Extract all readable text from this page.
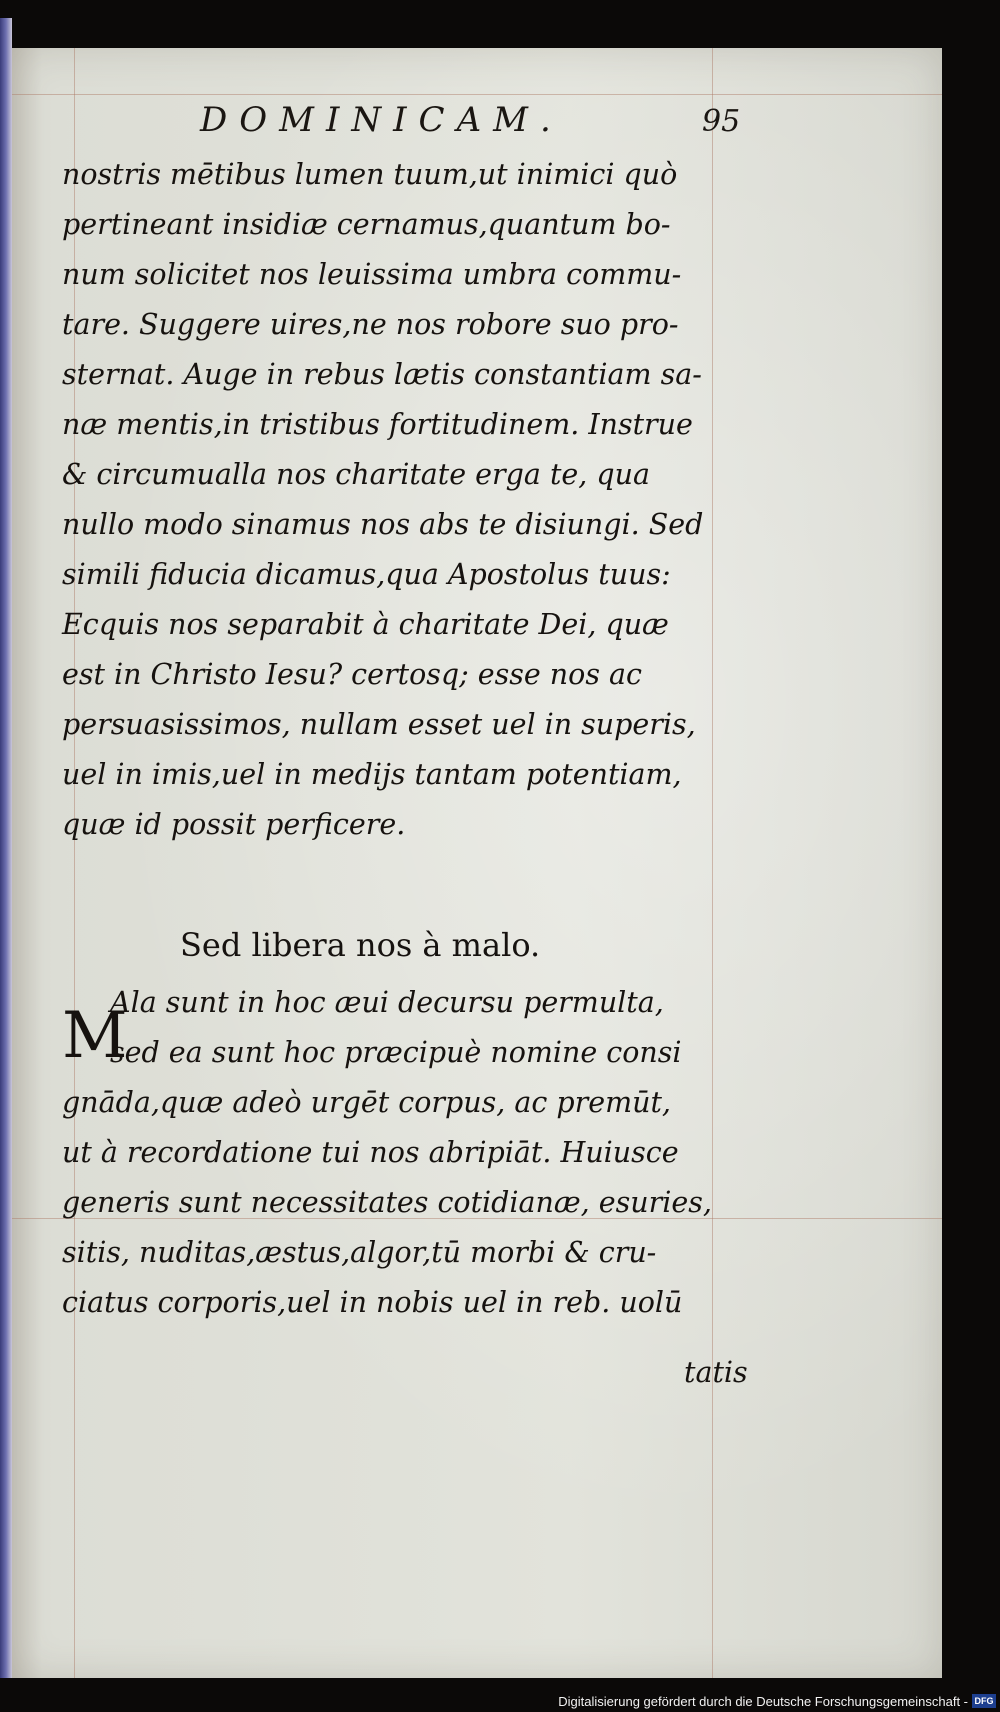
DOMINICAM.	95
nostris mētibus lumen tuum,ut inimici quò
pertineant insidiæ cernamus,quantum bo-
num solicitet nos leuissima umbra commu-
tare. Suggere uires,ne nos robore suo pro-
sternat. Auge in rebus lætis constantiam sa-
næ mentis,in tristibus fortitudinem. Instrue
& circumualla nos charitate erga te, qua
nullo modo sinamus nos abs te disiungi. Sed
simili fiducia dicamus,qua Apostolus tuus:
Ecquis nos separabit à charitate Dei, quæ
est in Christo Iesu? certosq; esse nos ac
persuasissimos, nullam esset uel in superis,
uel in imis,uel in medijs tantam potentiam,
quæ id possit perficere.
Sed libera nos à malo.
M
Ala sunt in hoc æui decursu permulta,
sed ea sunt hoc præcipuè nomine consi
gnāda,quæ adeò urgēt corpus, ac premūt,
ut à recordatione tui nos abripiāt. Huiusce
generis sunt necessitates cotidianæ, esuries,
sitis, nuditas,æstus,algor,tū morbi & cru-
ciatus corporis,uel in nobis uel in reb. uolū
tatis
Digitalisierung gefördert durch die Deutsche Forschungsgemeinschaft - DFG
